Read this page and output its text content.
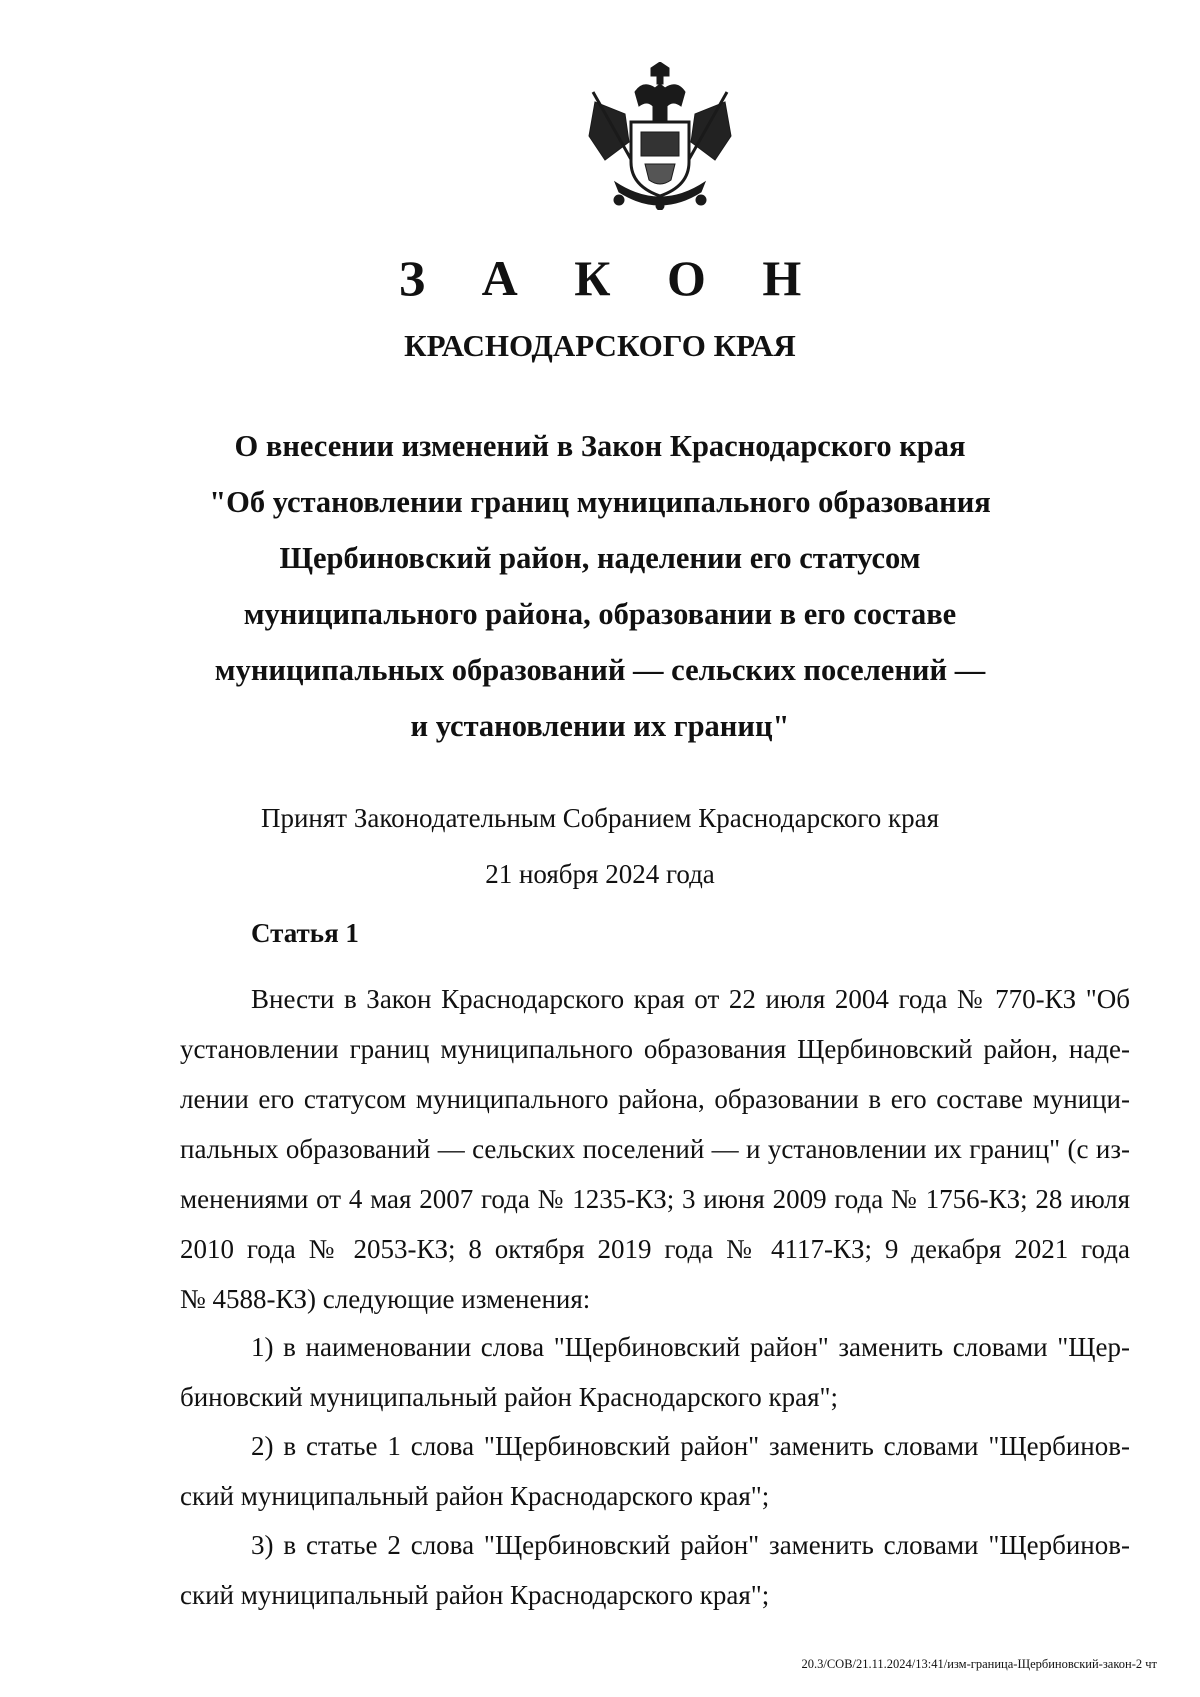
З А К О Н
КРАСНОДАРСКОГО КРАЯ
О внесении изменений в Закон Краснодарского края
"Об установлении границ муниципального образования
Щербиновский район, наделении его статусом
муниципального района, образовании в его составе
муниципальных образований — сельских поселений —
и установлении их границ"
Принят Законодательным Собранием Краснодарского края
21 ноября 2024 года
Статья 1
Внести в Закон Краснодарского края от 22 июля 2004 года № 770-КЗ "Об
установлении границ муниципального образования Щербиновский район, наде-
лении его статусом муниципального района, образовании в его составе муници-
пальных образований — сельских поселений — и установлении их границ" (с из-
менениями от 4 мая 2007 года № 1235-КЗ; 3 июня 2009 года № 1756-КЗ; 28 июля
2010 года № 2053-КЗ; 8 октября 2019 года № 4117-КЗ; 9 декабря 2021 года
№ 4588-КЗ) следующие изменения:
1) в наименовании слова "Щербиновский район" заменить словами "Щер-
биновский муниципальный район Краснодарского края";
2) в статье 1 слова "Щербиновский район" заменить словами "Щербинов-
ский муниципальный район Краснодарского края";
3) в статье 2 слова "Щербиновский район" заменить словами "Щербинов-
ский муниципальный район Краснодарского края";
20.3/СОВ/21.11.2024/13:41/изм-граница-Щербиновский-закон-2 чт
